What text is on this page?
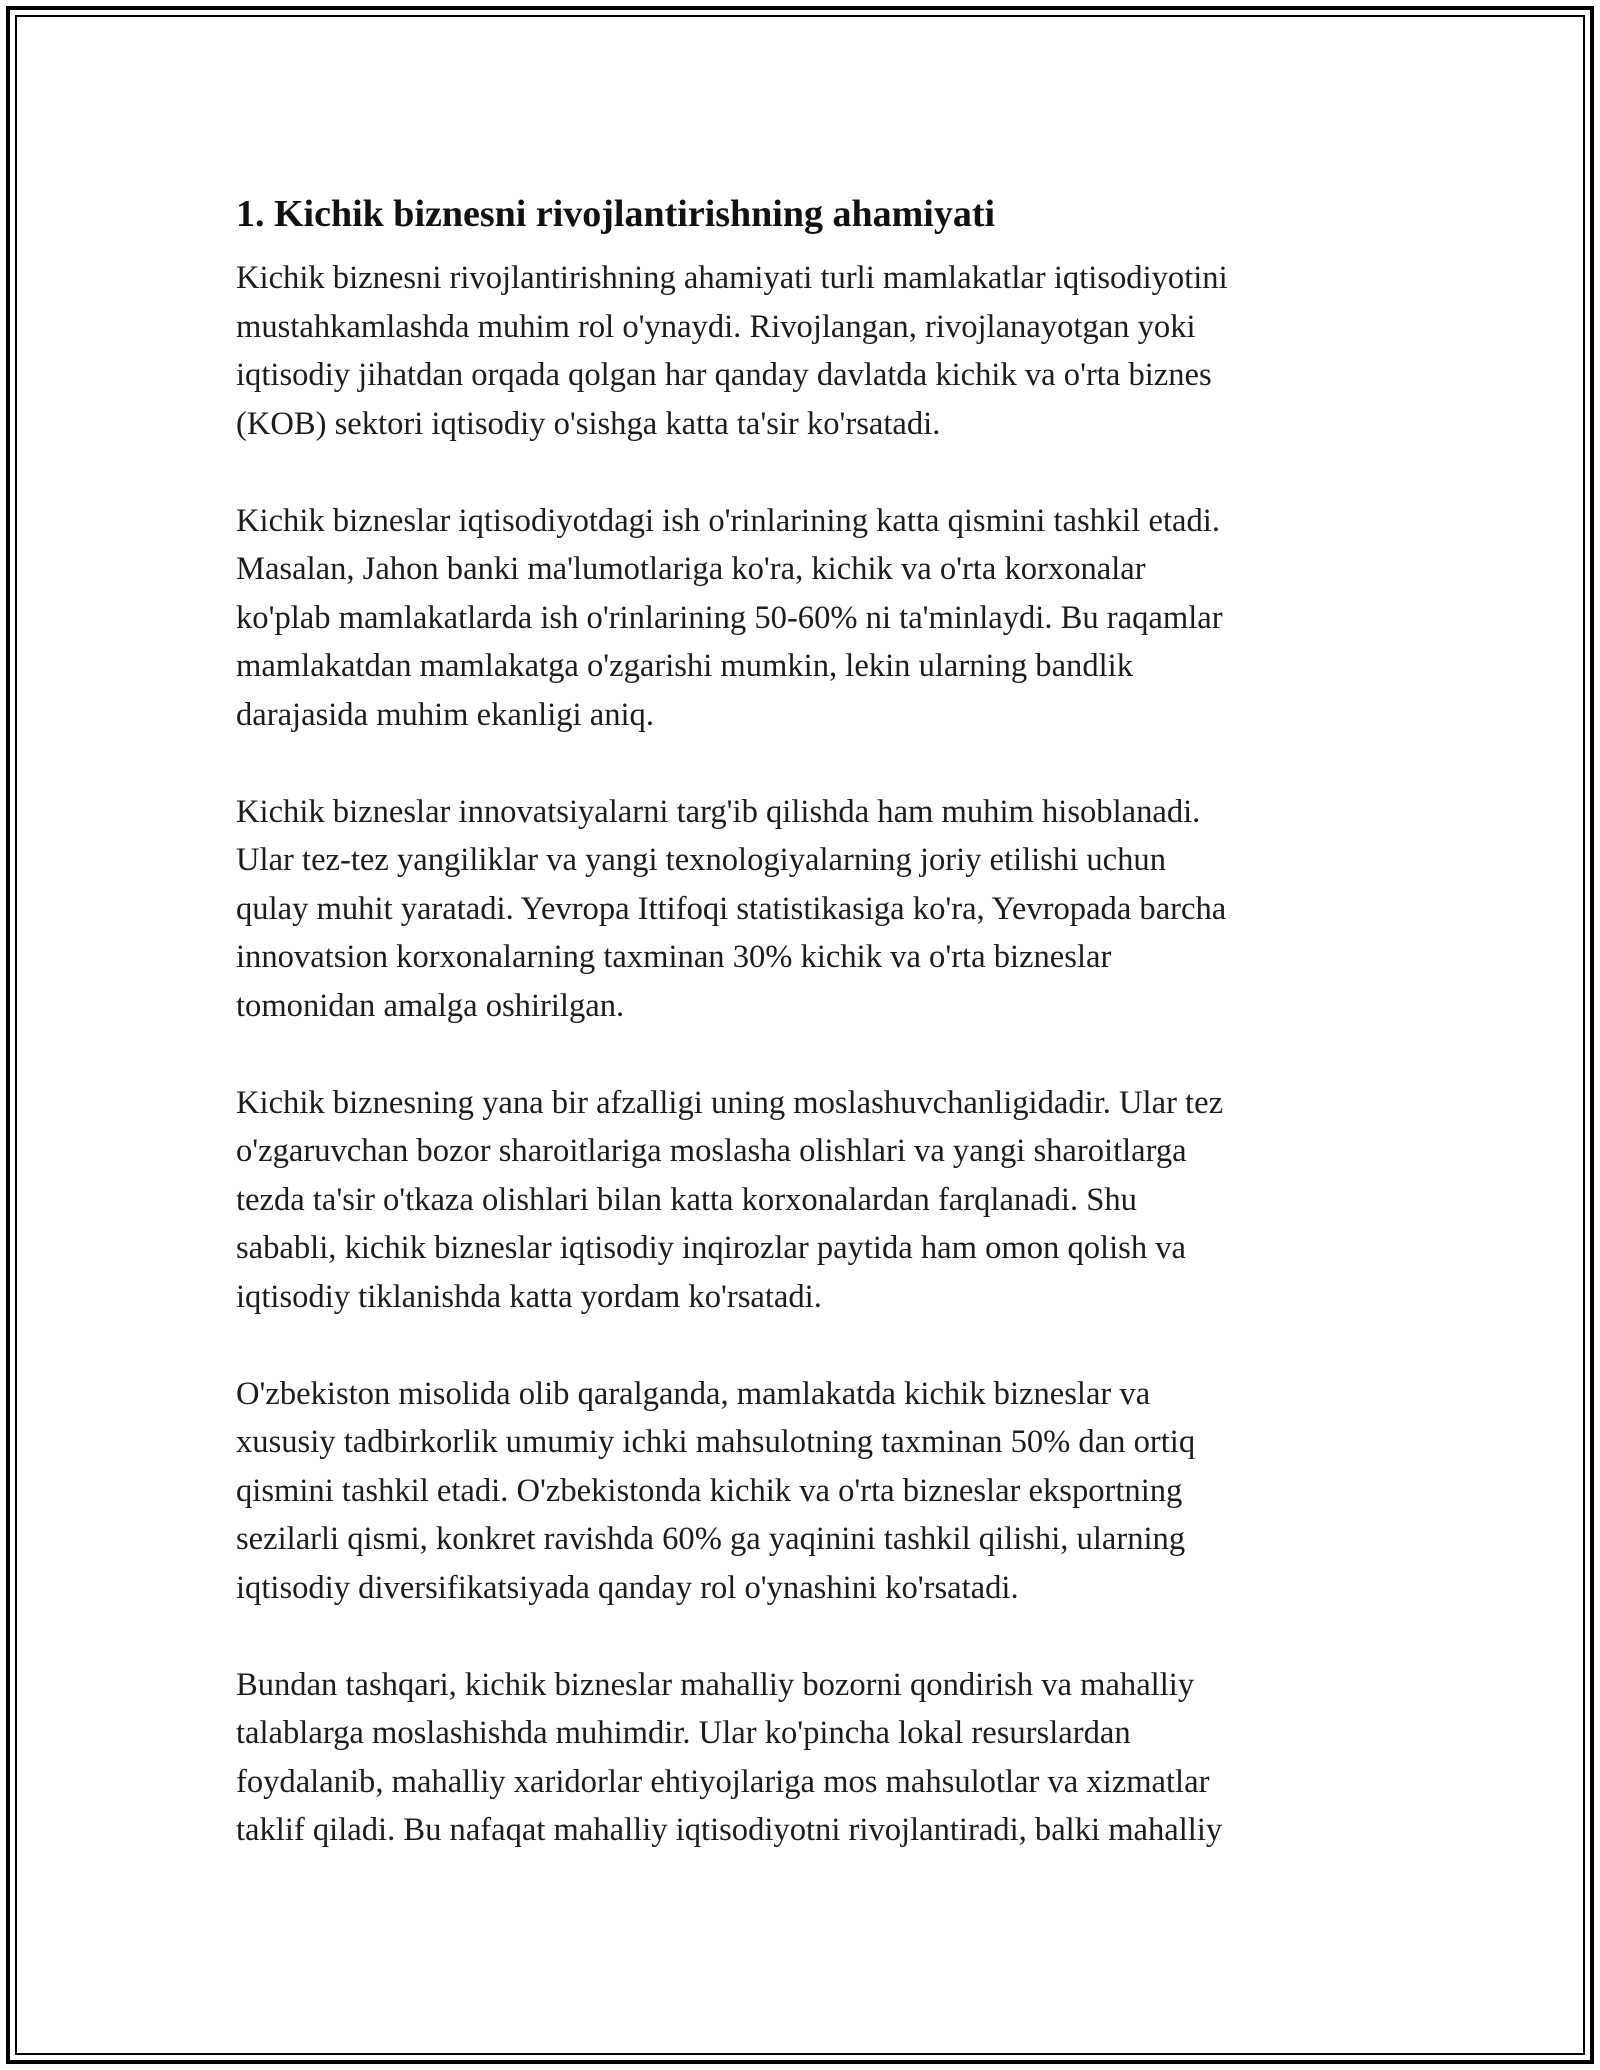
1. Kichik biznesni rivojlantirishning ahamiyati

Kichik biznesni rivojlantirishning ahamiyati turli mamlakatlar iqtisodiyotini
mustahkamlashda muhim rol o'ynaydi. Rivojlangan, rivojlanayotgan yoki
iqtisodiy jihatdan orqada qolgan har qanday davlatda kichik va o'rta biznes
(KOB) sektori iqtisodiy o'sishga katta ta'sir ko'rsatadi.

Kichik bizneslar iqtisodiyotdagi ish o'rinlarining katta qismini tashkil etadi.
Masalan, Jahon banki ma'lumotlariga ko'ra, kichik va o'rta korxonalar
ko'plab mamlakatlarda ish o'rinlarining 50-60% ni ta'minlaydi. Bu raqamlar
mamlakatdan mamlakatga o'zgarishi mumkin, lekin ularning bandlik
darajasida muhim ekanligi aniq.

Kichik bizneslar innovatsiyalarni targ'ib qilishda ham muhim hisoblanadi.
Ular tez-tez yangiliklar va yangi texnologiyalarning joriy etilishi uchun
qulay muhit yaratadi. Yevropa Ittifoqi statistikasiga ko'ra, Yevropada barcha
innovatsion korxonalarning taxminan 30% kichik va o'rta bizneslar
tomonidan amalga oshirilgan.

Kichik biznesning yana bir afzalligi uning moslashuvchanligidadir. Ular tez
o'zgaruvchan bozor sharoitlariga moslasha olishlari va yangi sharoitlarga
tezda ta'sir o'tkaza olishlari bilan katta korxonalardan farqlanadi. Shu
sababli, kichik bizneslar iqtisodiy inqirozlar paytida ham omon qolish va
iqtisodiy tiklanishda katta yordam ko'rsatadi.

O'zbekiston misolida olib qaralganda, mamlakatda kichik bizneslar va
xususiy tadbirkorlik umumiy ichki mahsulotning taxminan 50% dan ortiq
qismini tashkil etadi. O'zbekistonda kichik va o'rta bizneslar eksportning
sezilarli qismi, konkret ravishda 60% ga yaqinini tashkil qilishi, ularning
iqtisodiy diversifikatsiyada qanday rol o'ynashini ko'rsatadi.

Bundan tashqari, kichik bizneslar mahalliy bozorni qondirish va mahalliy
talablarga moslashishda muhimdir. Ular ko'pincha lokal resurslardan
foydalanib, mahalliy xaridorlar ehtiyojlariga mos mahsulotlar va xizmatlar
taklif qiladi. Bu nafaqat mahalliy iqtisodiyotni rivojlantiradi, balki mahalliy
